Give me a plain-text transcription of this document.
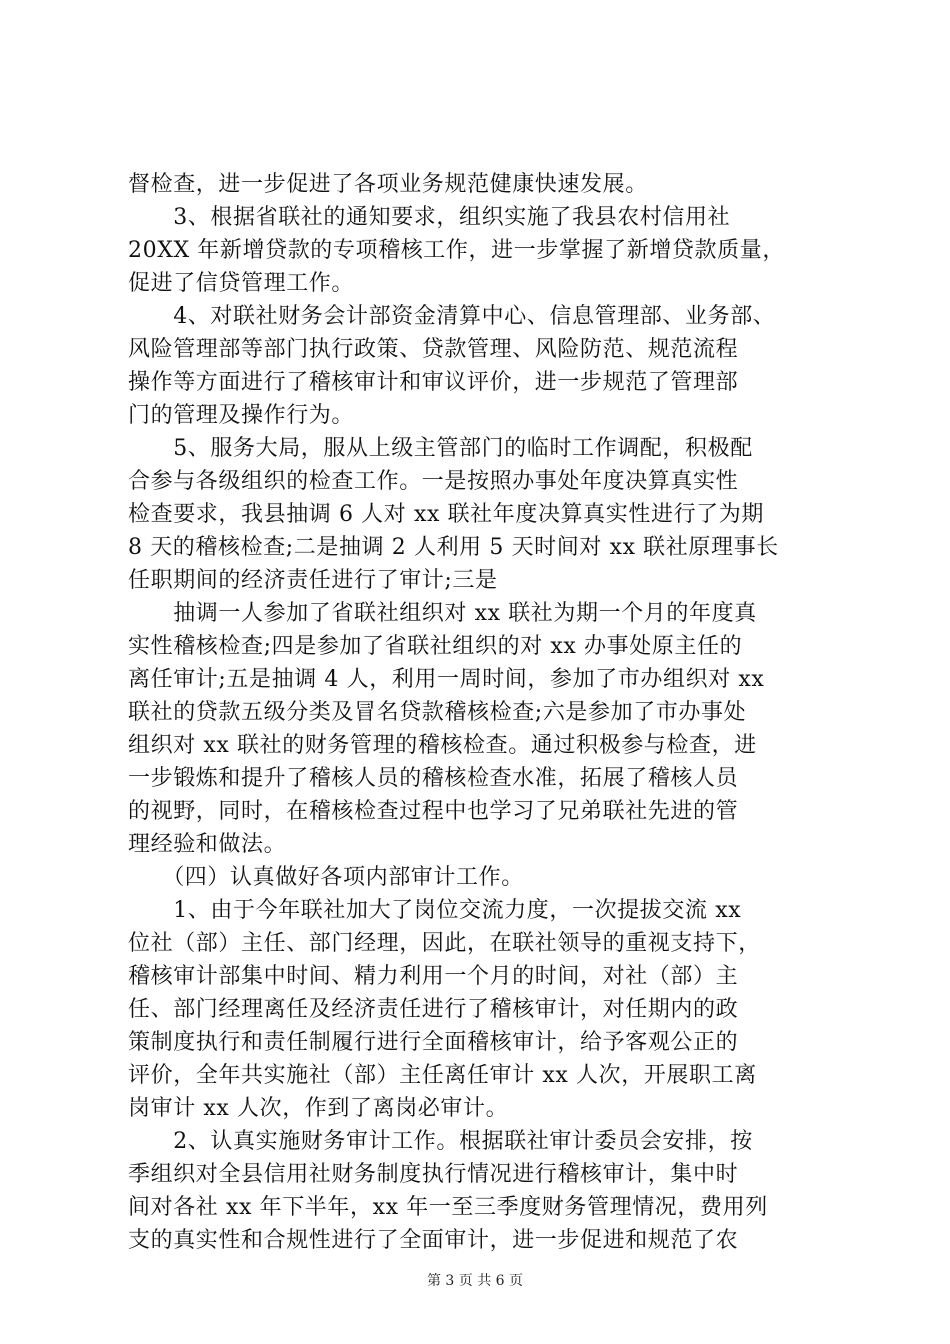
督检查，进一步促进了各项业务规范健康快速发展。
　　3、根据省联社的通知要求，组织实施了我县农村信用社
20XX 年新增贷款的专项稽核工作，进一步掌握了新增贷款质量，
促进了信贷管理工作。
　　4、对联社财务会计部资金清算中心、信息管理部、业务部、
风险管理部等部门执行政策、贷款管理、风险防范、规范流程
操作等方面进行了稽核审计和审议评价，进一步规范了管理部
门的管理及操作行为。
　　5、服务大局，服从上级主管部门的临时工作调配，积极配
合参与各级组织的检查工作。一是按照办事处年度决算真实性
检查要求，我县抽调 6 人对 xx 联社年度决算真实性进行了为期
8 天的稽核检查;二是抽调 2 人利用 5 天时间对 xx 联社原理事长
任职期间的经济责任进行了审计;三是
　　抽调一人参加了省联社组织对 xx 联社为期一个月的年度真
实性稽核检查;四是参加了省联社组织的对 xx 办事处原主任的
离任审计;五是抽调 4 人，利用一周时间，参加了市办组织对 xx
联社的贷款五级分类及冒名贷款稽核检查;六是参加了市办事处
组织对 xx 联社的财务管理的稽核检查。通过积极参与检查，进
一步锻炼和提升了稽核人员的稽核检查水准，拓展了稽核人员
的视野，同时，在稽核检查过程中也学习了兄弟联社先进的管
理经验和做法。
　　（四）认真做好各项内部审计工作。
　　1、由于今年联社加大了岗位交流力度，一次提拔交流 xx
位社（部）主任、部门经理，因此，在联社领导的重视支持下，
稽核审计部集中时间、精力利用一个月的时间，对社（部）主
任、部门经理离任及经济责任进行了稽核审计，对任期内的政
策制度执行和责任制履行进行全面稽核审计，给予客观公正的
评价，全年共实施社（部）主任离任审计 xx 人次，开展职工离
岗审计 xx 人次，作到了离岗必审计。
　　2、认真实施财务审计工作。根据联社审计委员会安排，按
季组织对全县信用社财务制度执行情况进行稽核审计，集中时
间对各社 xx 年下半年，xx 年一至三季度财务管理情况，费用列
支的真实性和合规性进行了全面审计，进一步促进和规范了农
第 3 页 共 6 页
